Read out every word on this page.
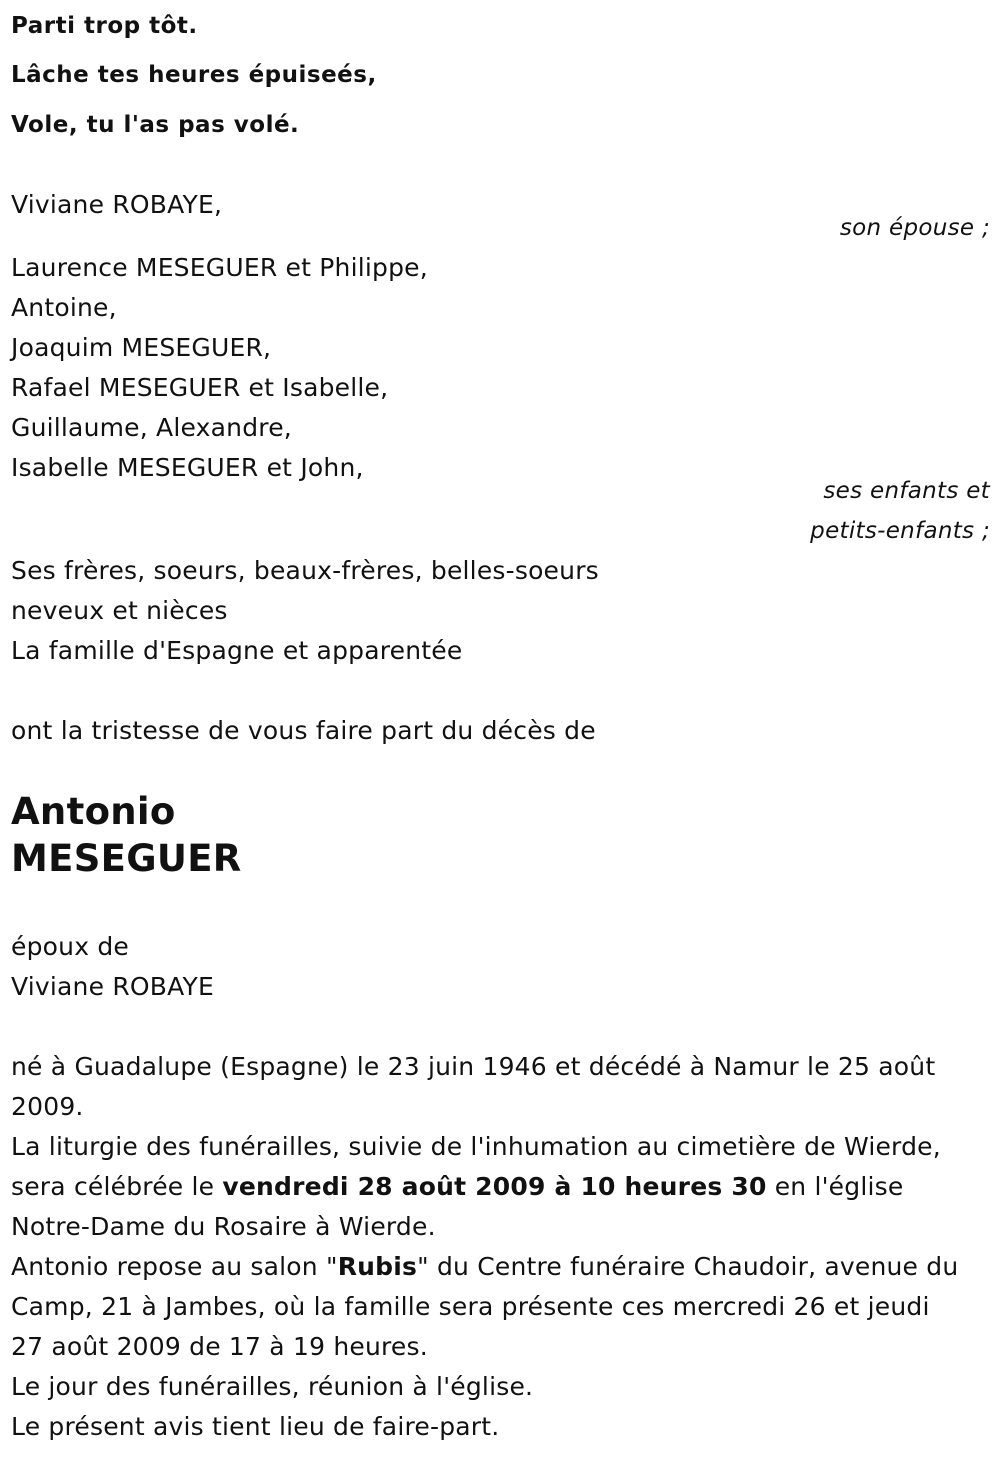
Parti trop tôt.
Lâche tes heures épuiseés,
Vole, tu l'as pas volé.
Viviane ROBAYE,
son épouse ;
Laurence MESEGUER et Philippe,
Antoine,
Joaquim MESEGUER,
Rafael MESEGUER et Isabelle,
Guillaume, Alexandre,
Isabelle MESEGUER et John,
ses enfants et
petits-enfants ;
Ses frères, soeurs, beaux-frères, belles-soeurs
neveux et nièces
La famille d'Espagne et apparentée
ont la tristesse de vous faire part du décès de
Antonio
MESEGUER
époux de
Viviane ROBAYE
né à Guadalupe (Espagne) le 23 juin 1946 et décédé à Namur le 25 août
2009.
La liturgie des funérailles, suivie de l'inhumation au cimetière de Wierde,
sera célébrée le vendredi 28 août 2009 à 10 heures 30 en l'église
Notre-Dame du Rosaire à Wierde.
Antonio repose au salon "Rubis" du Centre funéraire Chaudoir, avenue du
Camp, 21 à Jambes, où la famille sera présente ces mercredi 26 et jeudi
27 août 2009 de 17 à 19 heures.
Le jour des funérailles, réunion à l'église.
Le présent avis tient lieu de faire-part.
